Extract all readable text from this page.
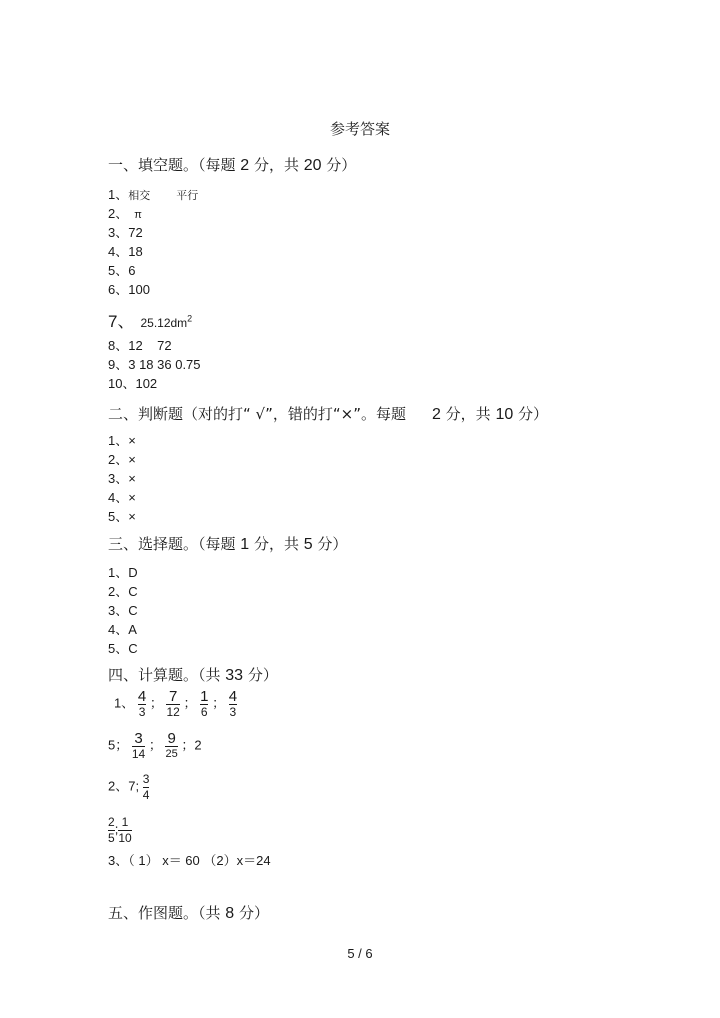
参考答案
一、填空题。（每题 2 分，共 20 分）
1、相交 平行
2、 π
3、72
4、18
5、6
6、100
7、 $25.12dm^2$
8、12    72
9、3 18 36 0.75
10、102
二、判断题（对的打“ √”，错的打“×”。每题 2 分，共 10 分）
1、×
2、×
3、×
4、×
5、×
三、选择题。（每题 1 分，共 5 分）
1、D
2、C
3、C
4、A
5、C
四、计算题。（共 33 分）
1、 $\frac{4}{3}$ ； $\frac{7}{12}$ ； $\frac{1}{6}$ ； $\frac{4}{3}$
5； $\frac{3}{14}$ ； $\frac{9}{25}$ ；2
2、7; $\frac{3}{4}$
$\frac{2}{5}$ ; $\frac{1}{10}$
3、（ 1） x＝ 60 （2）x＝24
五、作图题。（共 8 分）
5 / 6
